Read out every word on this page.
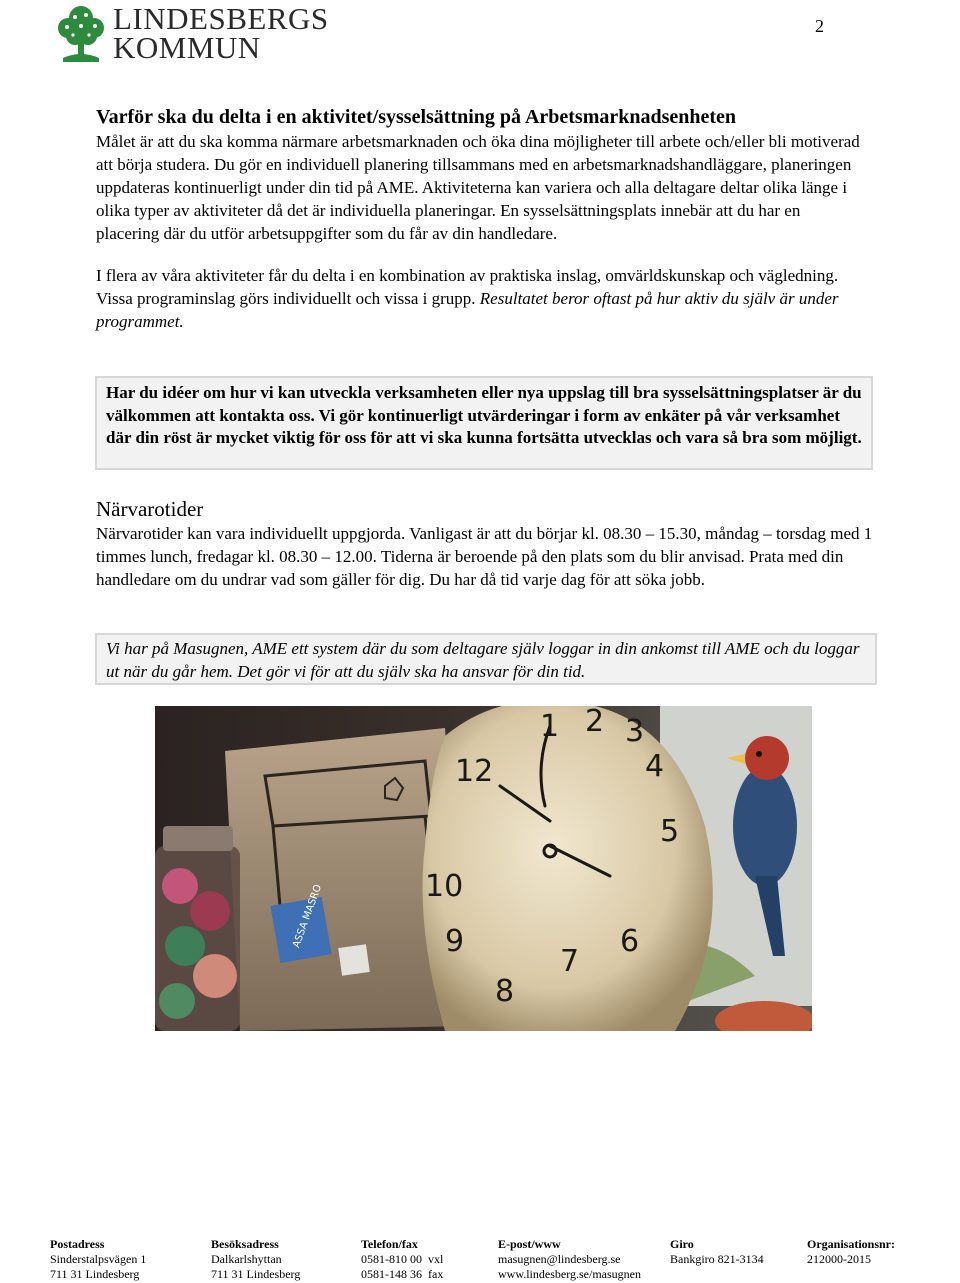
LINDESBERGS
KOMMUN
2
Varför ska du delta i en aktivitet/sysselsättning på Arbetsmarknadsenheten

Målet är att du ska komma närmare arbetsmarknaden och öka dina möjligheter till arbete och/eller bli motiverad att börja studera. Du gör en individuell planering tillsammans med en arbetsmarknadshandläggare, planeringen uppdateras kontinuerligt under din tid på AME. Aktiviteterna kan variera och alla deltagare deltar olika länge i olika typer av aktiviteter då det är individuella planeringar. En sysselsättningsplats innebär att du har en placering där du utför arbetsuppgifter som du får av din handledare.

I flera av våra aktiviteter får du delta i en kombination av praktiska inslag, omvärldskunskap och vägledning. Vissa programinslag görs individuellt och vissa i grupp. Resultatet beror oftast på hur aktiv du själv är under programmet.

Har du idéer om hur vi kan utveckla verksamheten eller nya uppslag till bra sysselsättningsplatser är du välkommen att kontakta oss. Vi gör kontinuerligt utvärderingar i form av enkäter på vår verksamhet där din röst är mycket viktig för oss för att vi ska kunna fortsätta utvecklas och vara så bra som möjligt.
Närvarotider

Närvarotider kan vara individuellt uppgjorda. Vanligast är att du börjar kl. 08.30 – 15.30, måndag – torsdag med 1 timmes lunch, fredagar kl. 08.30 – 12.00. Tiderna är beroende på den plats som du blir anvisad. Prata med din handledare om du undrar vad som gäller för dig. Du har då tid varje dag för att söka jobb.

Vi har på Masugnen, AME ett system där du som deltagare själv loggar in din ankomst till AME och du loggar ut när du går hem. Det gör vi för att du själv ska ha ansvar för din tid.
ASSA MASRO
12
1 2 3
4
5
6
7
8
9
10
Postadress
Sinderstalpsvägen 1
711 31 Lindesberg
Besöksadress
Dalkarlshyttan
711 31 Lindesberg
Telefon/fax
0581-810 00  vxl
0581-148 36  fax
E-post/www
masugnen@lindesberg.se
www.lindesberg.se/masugnen
Giro
Bankgiro 821-3134
Organisationsnr:
212000-2015
